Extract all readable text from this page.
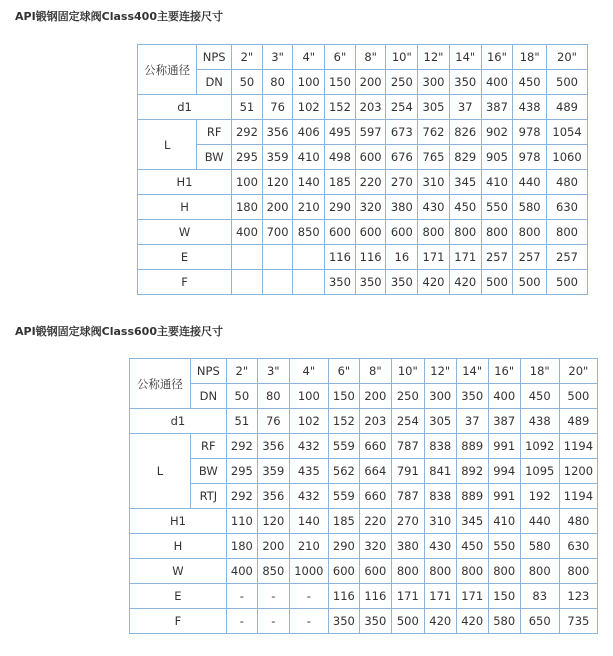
API锻钢固定球阀Class400主要连接尺寸
公称通径	NPS	2"	3"	4"	6"	8"	10"	12"	14"	16"	18"	20"
	DN	50	80	100	150	200	250	300	350	400	450	500
d1		51	76	102	152	203	254	305	37	387	438	489
L	RF	292	356	406	495	597	673	762	826	902	978	1054
	BW	295	359	410	498	600	676	765	829	905	978	1060
H1		100	120	140	185	220	270	310	345	410	440	480
H		180	200	210	290	320	380	430	450	550	580	630
W		400	700	850	600	600	600	800	800	800	800	800
E					116	116	16	171	171	257	257	257
F					350	350	350	420	420	500	500	500
API锻钢固定球阀Class600主要连接尺寸
公称通径	NPS	2"	3"	4"	6"	8"	10"	12"	14"	16"	18"	20"
	DN	50	80	100	150	200	250	300	350	400	450	500
d1		51	76	102	152	203	254	305	37	387	438	489
L	RF	292	356	432	559	660	787	838	889	991	1092	1194
	BW	295	359	435	562	664	791	841	892	994	1095	1200
	RTJ	292	356	432	559	660	787	838	889	991	192	1194
H1		110	120	140	185	220	270	310	345	410	440	480
H		180	200	210	290	320	380	430	450	550	580	630
W		400	850	1000	600	600	800	800	800	800	800	800
E		-	-	-	116	116	171	171	171	150	83	123
F		-	-	-	350	350	500	420	420	580	650	735
